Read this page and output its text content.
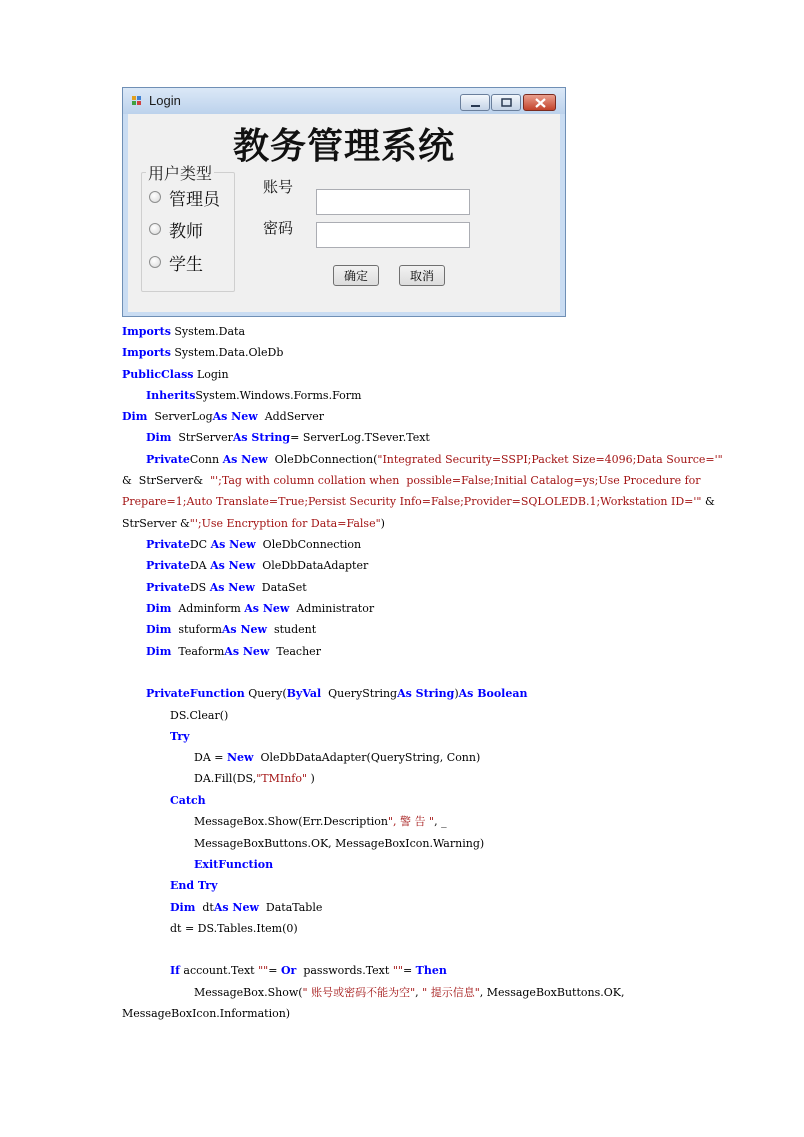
Login
教务管理系统
用户类型
管理员
教师
学生
账号
密码
确定	取消
Imports System.Data
Imports System.Data.OleDb
PublicClass Login
InheritsSystem.Windows.Forms.Form
Dim  ServerLogAs New  AddServer
Dim  StrServerAs String= ServerLog.TSever.Text
PrivateConn As New  OleDbConnection("Integrated Security=SSPI;Packet Size=4096;Data Source='"
&  StrServer&  "';Tag with column collation when  possible=False;Initial Catalog=ys;Use Procedure for
Prepare=1;Auto Translate=True;Persist Security Info=False;Provider=SQLOLEDB.1;Workstation ID='" &
StrServer &"';Use Encryption for Data=False")
PrivateDC As New  OleDbConnection
PrivateDA As New  OleDbDataAdapter
PrivateDS As New  DataSet
Dim  Adminform As New  Administrator
Dim  stuformAs New  student
Dim  TeaformAs New  Teacher
PrivateFunction Query(ByVal  QueryStringAs String)As Boolean
DS.Clear()
Try
DA = New  OleDbDataAdapter(QueryString, Conn)
DA.Fill(DS,"TMInfo" )
Catch
MessageBox.Show(Err.Description", 警 告 ", _
MessageBoxButtons.OK, MessageBoxIcon.Warning)
ExitFunction
End Try
Dim  dtAs New  DataTable
dt = DS.Tables.Item(0)
If account.Text ""= Or  passwords.Text ""= Then
MessageBox.Show(" 账号或密码不能为空", " 提示信息", MessageBoxButtons.OK,
MessageBoxIcon.Information)
